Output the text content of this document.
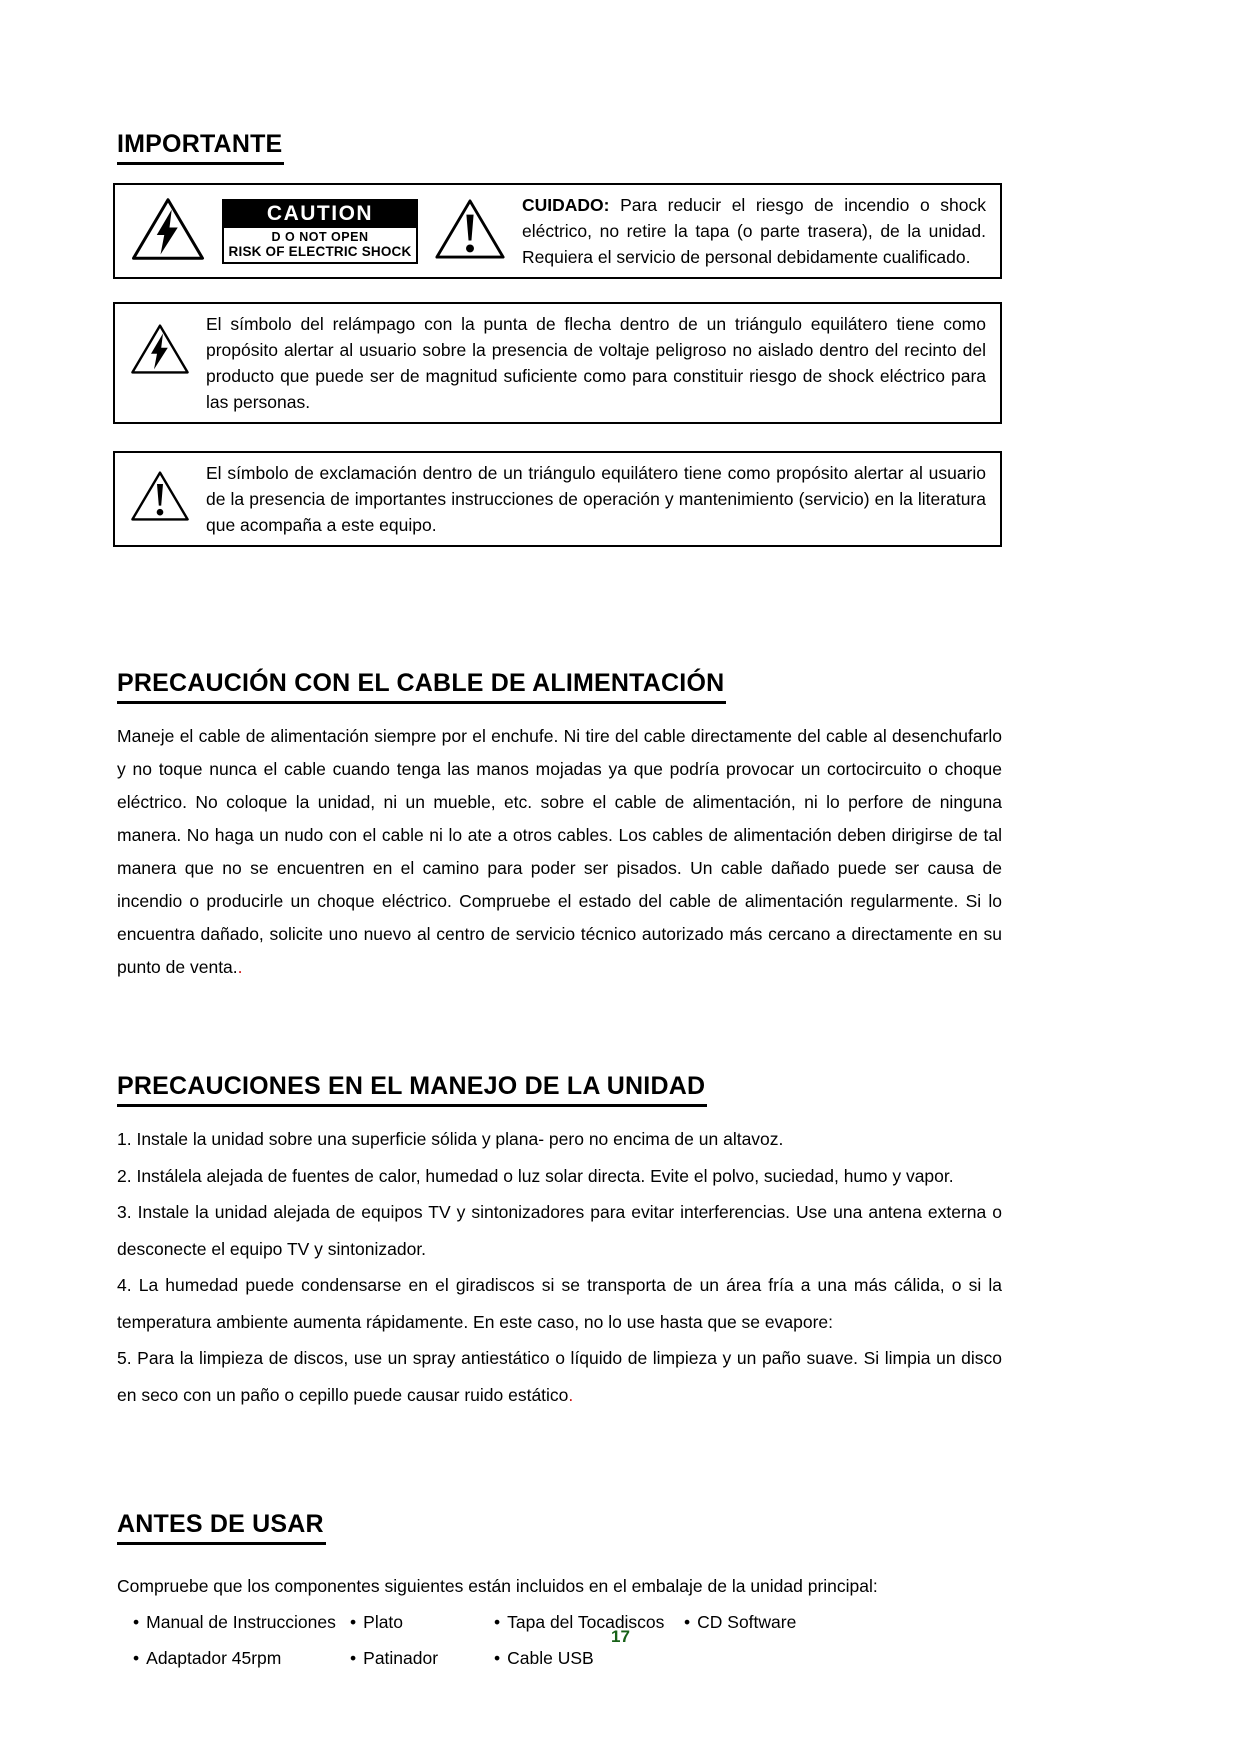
IMPORTANTE
CAUTION
D O NOT OPEN
RISK OF ELECTRIC SHOCK
CUIDADO: Para reducir el riesgo de incendio o shock eléctrico, no retire la tapa (o parte trasera), de la unidad. Requiera el servicio de personal debidamente cualificado.
El símbolo del relámpago con la punta de flecha dentro de un triángulo equilátero tiene como propósito alertar al usuario sobre la presencia de voltaje peligroso no aislado dentro del recinto del producto que puede ser de magnitud suficiente como para constituir riesgo de shock eléctrico para las personas.
El símbolo de exclamación dentro de un triángulo equilátero tiene como propósito alertar al usuario de la presencia de importantes instrucciones de operación y mantenimiento (servicio) en la literatura que acompaña a este equipo.
PRECAUCIÓN CON EL CABLE DE ALIMENTACIÓN

Maneje el cable de alimentación siempre por el enchufe. Ni tire del cable directamente del cable al desenchufarlo y no toque nunca el cable cuando tenga las manos mojadas ya que podría provocar un cortocircuito o choque eléctrico. No coloque la unidad, ni un mueble, etc. sobre el cable de alimentación, ni lo perfore de ninguna manera. No haga un nudo con el cable ni lo ate a otros cables. Los cables de alimentación deben dirigirse de tal manera que no se encuentren en el camino para poder ser pisados. Un cable dañado puede ser causa de incendio o producirle un choque eléctrico. Compruebe el estado del cable de alimentación regularmente. Si lo encuentra dañado, solicite uno nuevo al centro de servicio técnico autorizado más cercano a directamente en su punto de venta..

PRECAUCIONES EN EL MANEJO DE LA UNIDAD

1. Instale la unidad sobre una superficie sólida y plana- pero no encima de un altavoz.

2. Instálela alejada de fuentes de calor, humedad o luz solar directa. Evite el polvo, suciedad, humo y vapor.

3. Instale la unidad alejada de equipos TV y sintonizadores para evitar interferencias. Use una antena externa o desconecte el equipo TV y sintonizador.

4. La humedad puede condensarse en el giradiscos si se transporta de un área fría a una más cálida, o si la temperatura ambiente aumenta rápidamente. En este caso, no lo use hasta que se evapore:

5. Para la limpieza de discos, use un spray antiestático o líquido de limpieza y un paño suave. Si limpia un disco en seco con un paño o cepillo puede causar ruido estático.

ANTES DE USAR

Compruebe que los componentes siguientes están incluidos en el embalaje de la unidad principal:

• Manual de Instrucciones • Plato	• Tapa del Tocadiscos	• CD Software
• Adaptador 45rpm	• Patinador	• Cable USB
17
